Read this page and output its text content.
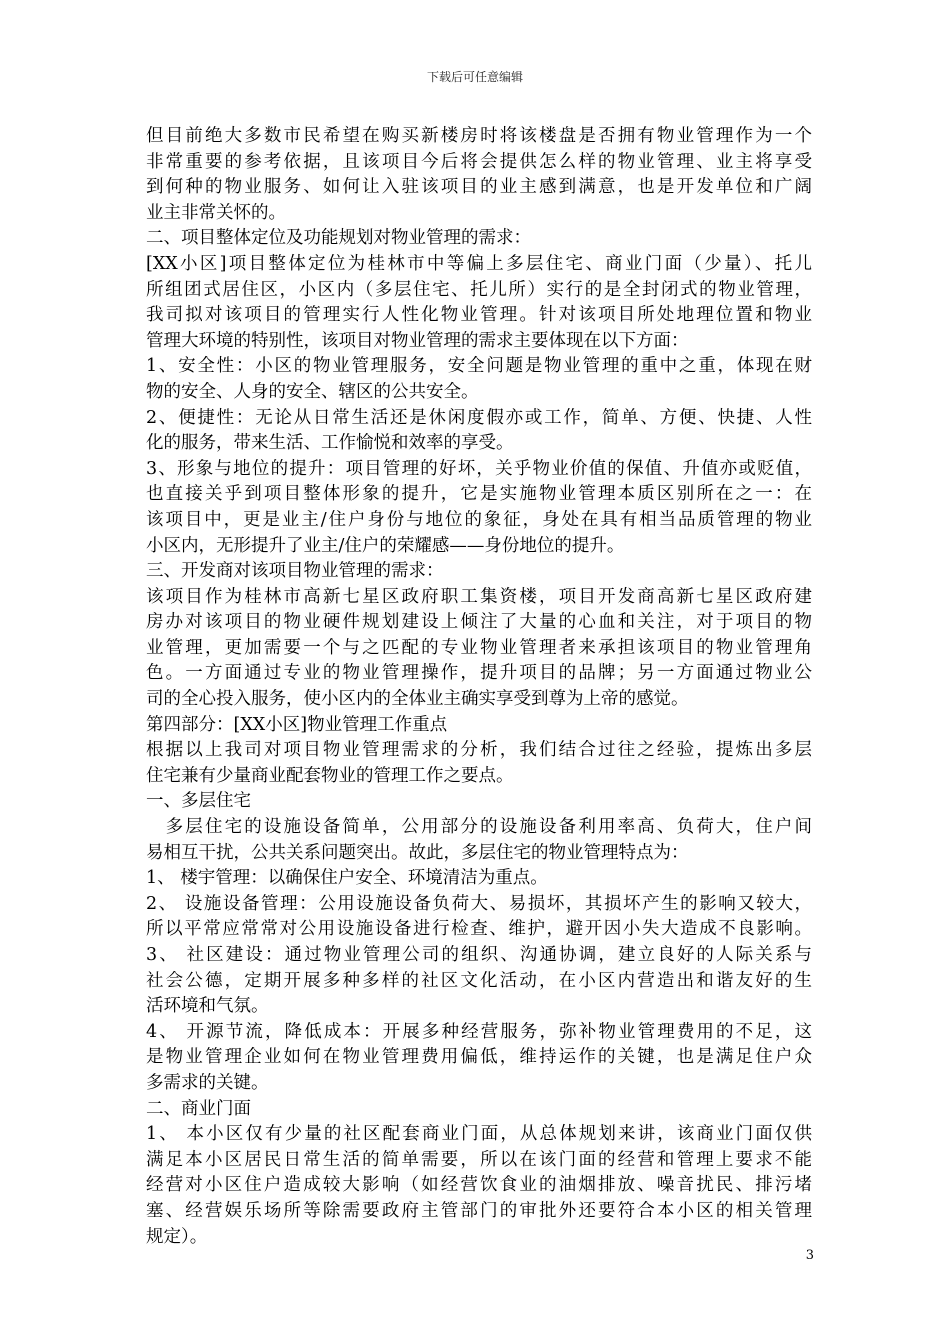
下载后可任意编辑
但目前绝大多数市民希望在购买新楼房时将该楼盘是否拥有物业管理作为一个
非常重要的参考依据，且该项目今后将会提供怎么样的物业管理、业主将享受
到何种的物业服务、如何让入驻该项目的业主感到满意，也是开发单位和广阔
业主非常关怀的。
二、项目整体定位及功能规划对物业管理的需求：
[XX小区]项目整体定位为桂林市中等偏上多层住宅、商业门面（少量）、托儿
所组团式居住区，小区内（多层住宅、托儿所）实行的是全封闭式的物业管理，
我司拟对该项目的管理实行人性化物业管理。针对该项目所处地理位置和物业
管理大环境的特别性，该项目对物业管理的需求主要体现在以下方面：
1、安全性：小区的物业管理服务，安全问题是物业管理的重中之重，体现在财
物的安全、人身的安全、辖区的公共安全。
2、便捷性：无论从日常生活还是休闲度假亦或工作，简单、方便、快捷、人性
化的服务，带来生活、工作愉悦和效率的享受。
3、形象与地位的提升：项目管理的好坏，关乎物业价值的保值、升值亦或贬值，
也直接关乎到项目整体形象的提升，它是实施物业管理本质区别所在之一：在
该项目中，更是业主/住户身份与地位的象征，身处在具有相当品质管理的物业
小区内，无形提升了业主/住户的荣耀感——身份地位的提升。
三、开发商对该项目物业管理的需求：
该项目作为桂林市高新七星区政府职工集资楼，项目开发商高新七星区政府建
房办对该项目的物业硬件规划建设上倾注了大量的心血和关注，对于项目的物
业管理，更加需要一个与之匹配的专业物业管理者来承担该项目的物业管理角
色。一方面通过专业的物业管理操作，提升项目的品牌；另一方面通过物业公
司的全心投入服务，使小区内的全体业主确实享受到尊为上帝的感觉。
第四部分：[XX小区]物业管理工作重点
根据以上我司对项目物业管理需求的分析，我们结合过往之经验，提炼出多层
住宅兼有少量商业配套物业的管理工作之要点。
一、多层住宅
　多层住宅的设施设备简单，公用部分的设施设备利用率高、负荷大，住户间
易相互干扰，公共关系问题突出。故此，多层住宅的物业管理特点为：
1、 楼宇管理：以确保住户安全、环境清洁为重点。
2、 设施设备管理：公用设施设备负荷大、易损坏，其损坏产生的影响又较大，
所以平常应常常对公用设施设备进行检查、维护，避开因小失大造成不良影响。
3、 社区建设：通过物业管理公司的组织、沟通协调，建立良好的人际关系与
社会公德，定期开展多种多样的社区文化活动，在小区内营造出和谐友好的生
活环境和气氛。
4、 开源节流，降低成本：开展多种经营服务，弥补物业管理费用的不足，这
是物业管理企业如何在物业管理费用偏低，维持运作的关键，也是满足住户众
多需求的关键。
二、商业门面
1、 本小区仅有少量的社区配套商业门面，从总体规划来讲，该商业门面仅供
满足本小区居民日常生活的简单需要，所以在该门面的经营和管理上要求不能
经营对小区住户造成较大影响（如经营饮食业的油烟排放、噪音扰民、排污堵
塞、经营娱乐场所等除需要政府主管部门的审批外还要符合本小区的相关管理
规定）。
3
